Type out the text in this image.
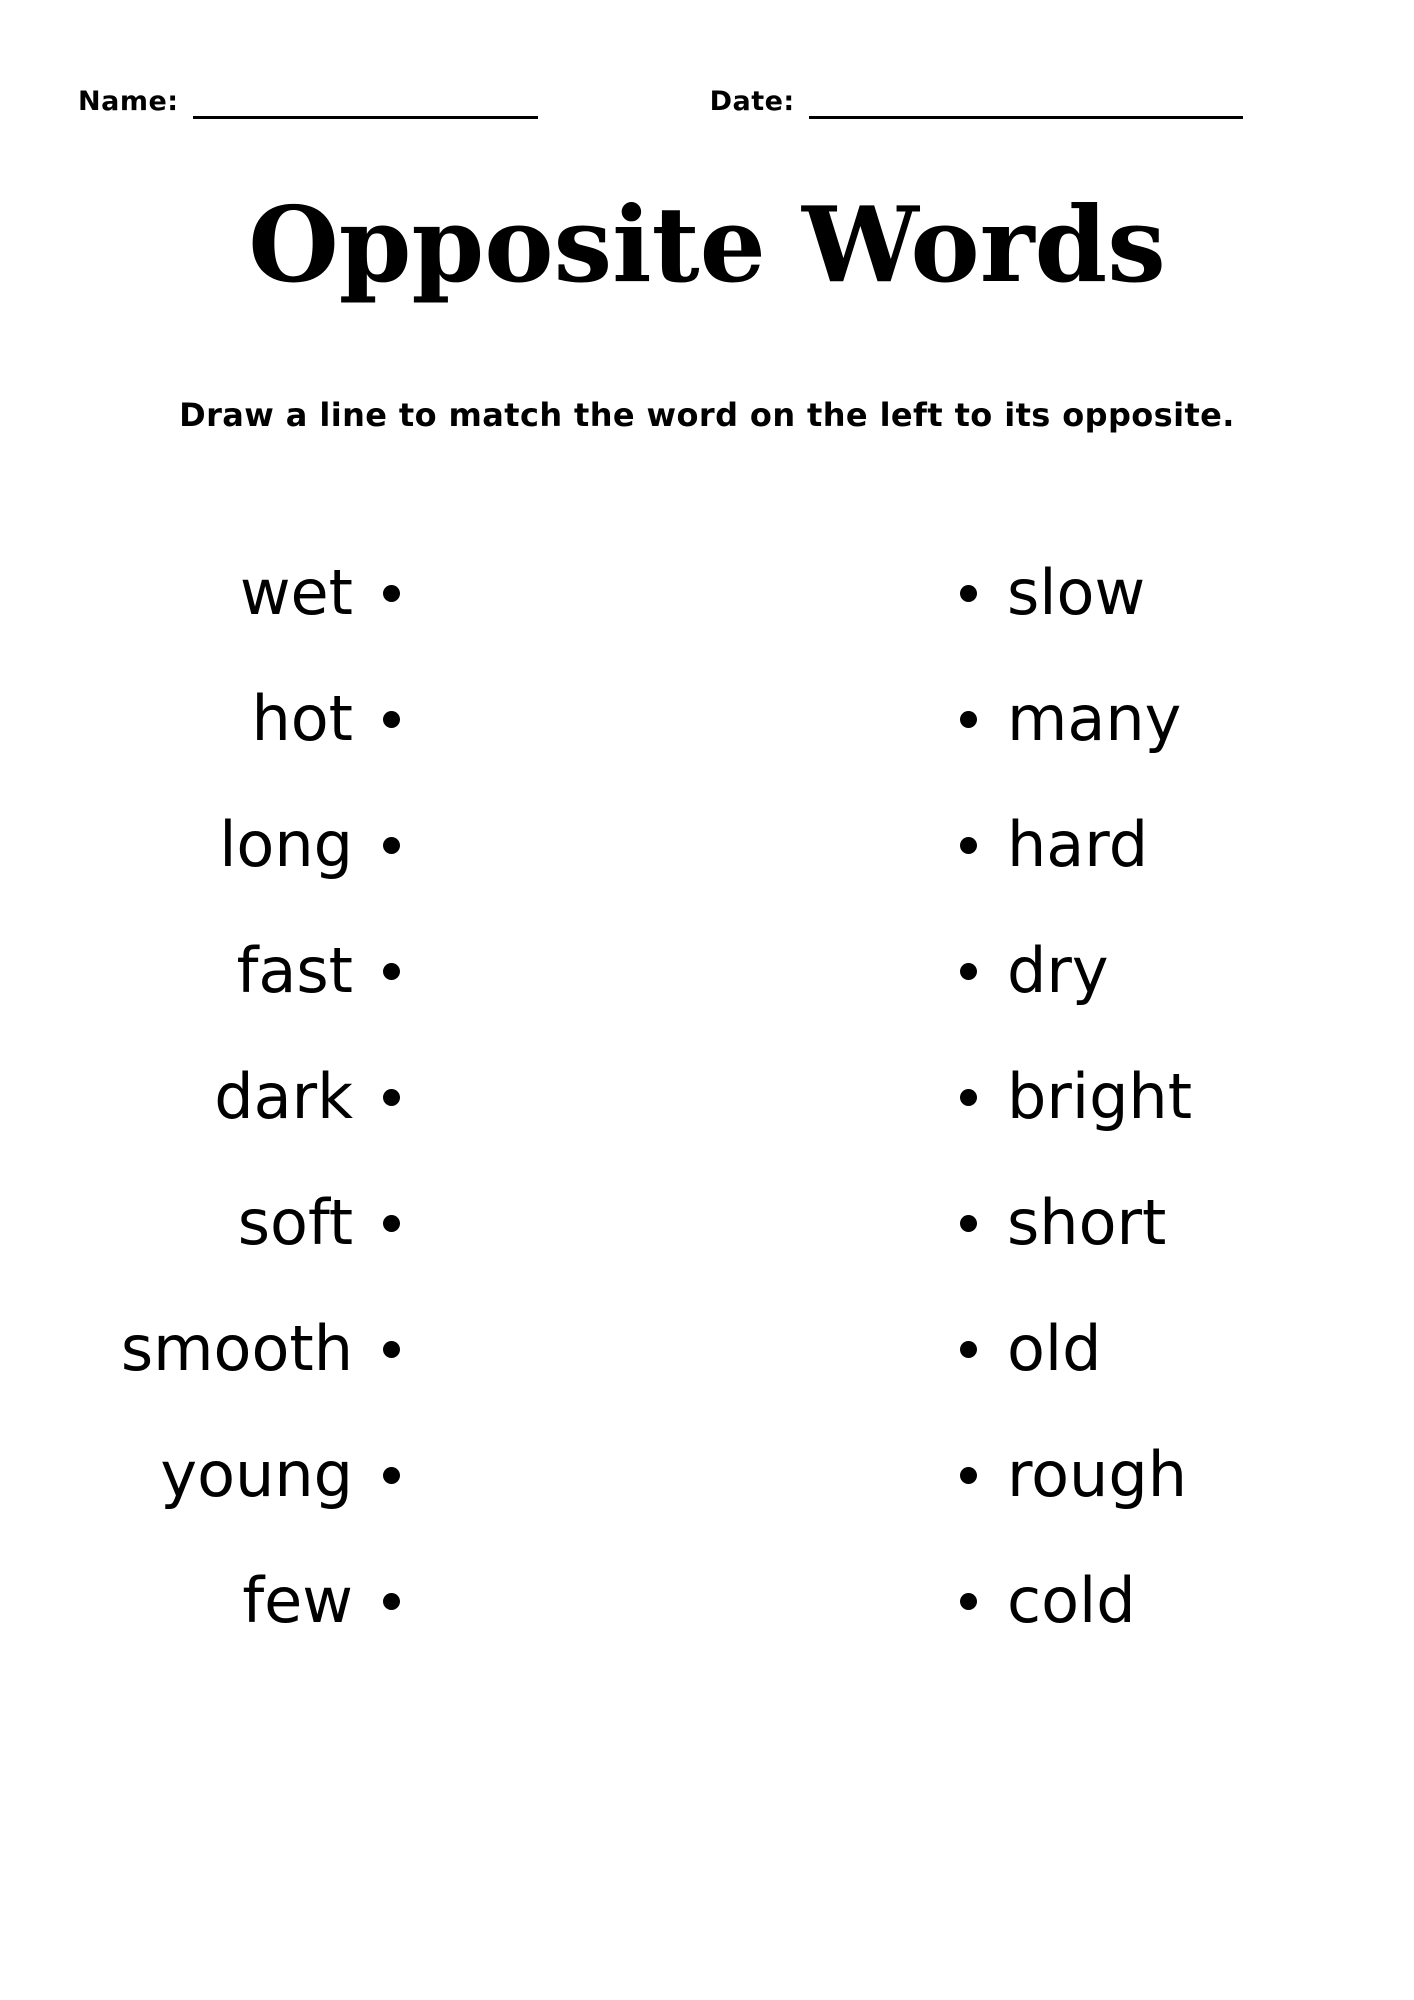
Name:	Date:
Opposite Words
Draw a line to match the word on the left to its opposite.
wet	slow
hot	many
long	hard
fast	dry
dark	bright
soft	short
smooth	old
young	rough
few	cold
